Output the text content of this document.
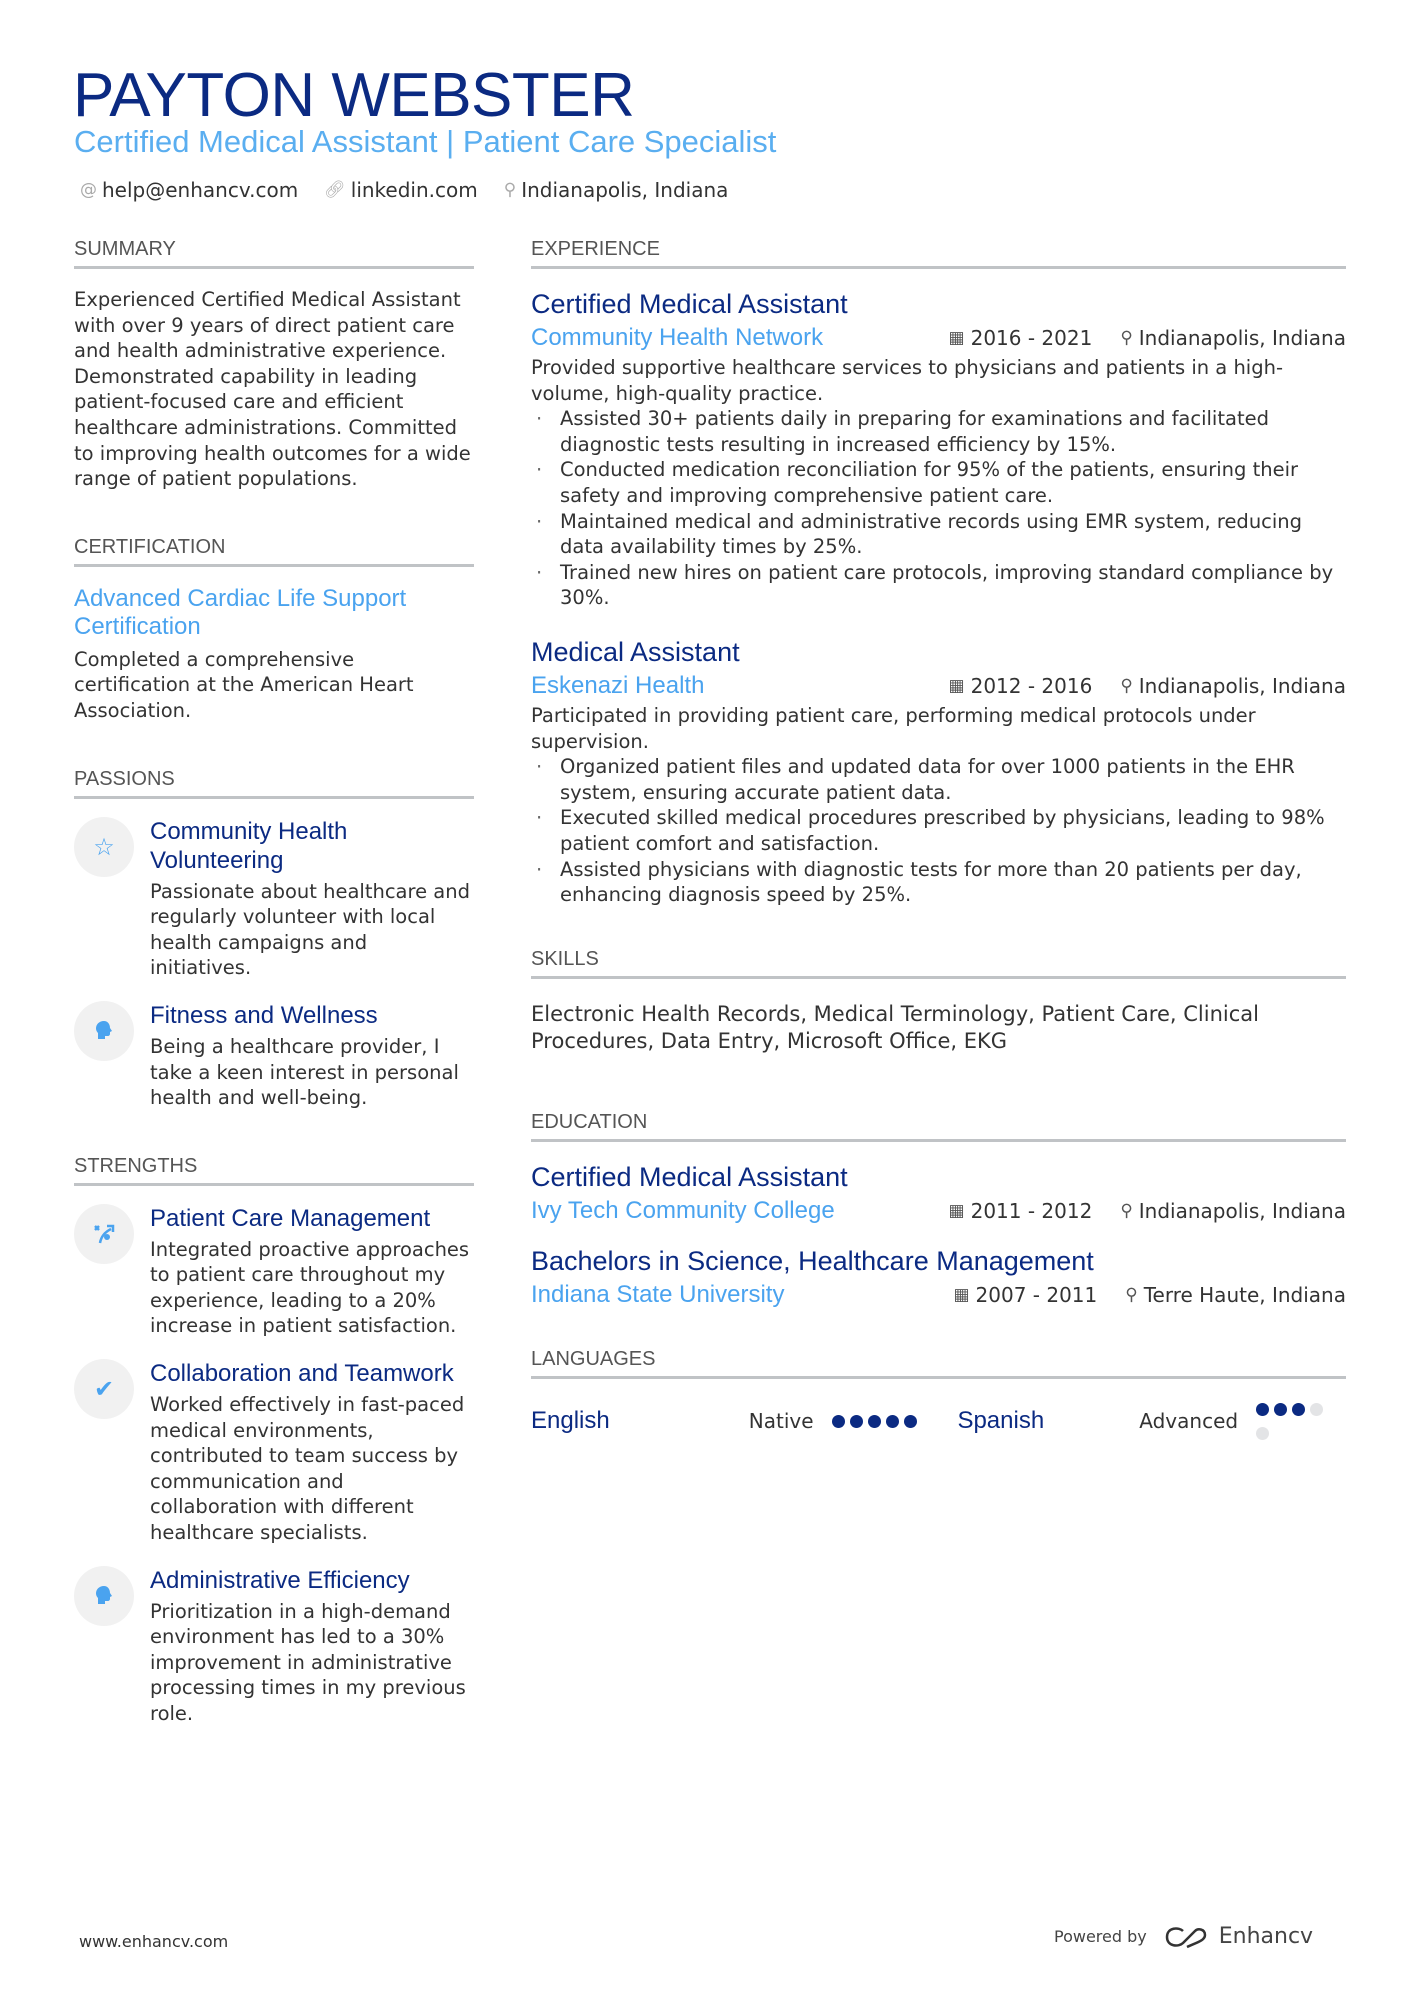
PAYTON WEBSTER
Certified Medical Assistant | Patient Care Specialist
@ help@enhancv.com 🔗︎ linkedin.com ⚲ Indianapolis, Indiana
SUMMARY
Experienced Certified Medical Assistant with over 9 years of direct patient care and health administrative experience. Demonstrated capability in leading patient-focused care and efficient healthcare administrations. Committed to improving health outcomes for a wide range of patient populations.
CERTIFICATION
Advanced Cardiac Life Support Certification
Completed a comprehensive certification at the American Heart Association.
PASSIONS
☆
Community Health Volunteering
Passionate about healthcare and regularly volunteer with local health campaigns and initiatives.
Fitness and Wellness
Being a healthcare provider, I take a keen interest in personal health and well-being.
STRENGTHS
Patient Care Management
Integrated proactive approaches to patient care throughout my experience, leading to a 20% increase in patient satisfaction.
✔
Collaboration and Teamwork
Worked effectively in fast-paced medical environments, contributed to team success by communication and collaboration with different healthcare specialists.
Administrative Efficiency
Prioritization in a high-demand environment has led to a 30% improvement in administrative processing times in my previous role.
EXPERIENCE
Certified Medical Assistant
Community Health Network	▦ 2016 - 2021 ⚲ Indianapolis, Indiana
Provided supportive healthcare services to physicians and patients in a high-volume, high-quality practice.
· Assisted 30+ patients daily in preparing for examinations and facilitated diagnostic tests resulting in increased efficiency by 15%.
· Conducted medication reconciliation for 95% of the patients, ensuring their safety and improving comprehensive patient care.
· Maintained medical and administrative records using EMR system, reducing data availability times by 25%.
· Trained new hires on patient care protocols, improving standard compliance by 30%.
Medical Assistant
Eskenazi Health	▦ 2012 - 2016 ⚲ Indianapolis, Indiana
Participated in providing patient care, performing medical protocols under supervision.
· Organized patient files and updated data for over 1000 patients in the EHR system, ensuring accurate patient data.
· Executed skilled medical procedures prescribed by physicians, leading to 98% patient comfort and satisfaction.
· Assisted physicians with diagnostic tests for more than 20 patients per day, enhancing diagnosis speed by 25%.
SKILLS
Electronic Health Records, Medical Terminology, Patient Care, Clinical Procedures, Data Entry, Microsoft Office, EKG
EDUCATION
Certified Medical Assistant
Ivy Tech Community College	▦ 2011 - 2012 ⚲ Indianapolis, Indiana
Bachelors in Science, Healthcare Management
Indiana State University	▦ 2007 - 2011 ⚲ Terre Haute, Indiana
LANGUAGES
English	Native	Spanish	Advanced
www.enhancv.com	Powered by	Enhancv
